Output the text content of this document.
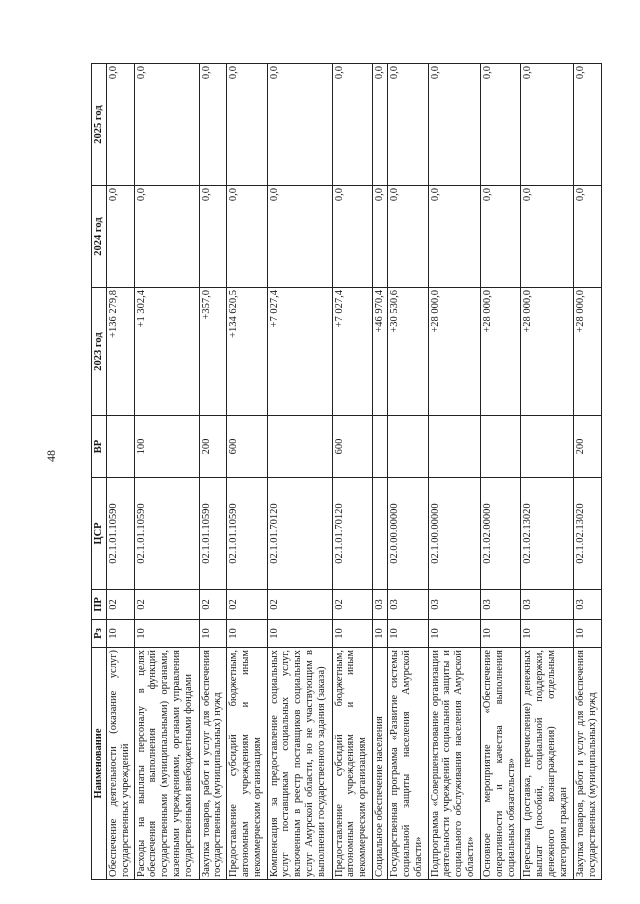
48
Наименование	Рз	ПР	ЦСР	ВР	2023 год	2024 год	2025 год
Обеспечение деятельности (оказание услуг) государственных учреждений	10	02	02.1.01.10590		+136 279,8	0,0	0,0
Расходы на выплаты персоналу в целях обеспечения выполнения функций государственными (муниципальными) органами, казенными учреждениями, органами управления государственными внебюджетными фондами	10	02	02.1.01.10590	100	+1 302,4	0,0	0,0
Закупка товаров, работ и услуг для обеспечения государственных (муниципальных) нужд	10	02	02.1.01.10590	200	+357,0	0,0	0,0
Предоставление субсидий бюджетным, автономным учреждениям и иным некоммерческим организациям	10	02	02.1.01.10590	600	+134 620,5	0,0	0,0
Компенсация за предоставление социальных услуг поставщикам социальных услуг, включенным в реестр поставщиков социальных услуг Амурской области, но не участвующим в выполнении государственного задания (заказа)	10	02	02.1.01.70120		+7 027,4	0,0	0,0
Предоставление субсидий бюджетным, автономным учреждениям и иным некоммерческим организациям	10	02	02.1.01.70120	600	+7 027,4	0,0	0,0
Социальное обеспечение населения	10	03			+46 970,4	0,0	0,0
Государственная программа «Развитие системы социальной защиты населения Амурской области»	10	03	02.0.00.00000		+30 530,6	0,0	0,0
Подпрограмма «Совершенствование организации деятельности учреждений социальной защиты и социального обслуживания населения Амурской области»	10	03	02.1.00.00000		+28 000,0	0,0	0,0
Основное мероприятие «Обеспечение оперативности и качества выполнения социальных обязательств»	10	03	02.1.02.00000		+28 000,0	0,0	0,0
Пересылка (доставка, перечисление) денежных выплат (пособий, социальной поддержки, денежного вознаграждения) отдельным категориям граждан	10	03	02.1.02.13020		+28 000,0	0,0	0,0
Закупка товаров, работ и услуг для обеспечения государственных (муниципальных) нужд	10	03	02.1.02.13020	200	+28 000,0	0,0	0,0
